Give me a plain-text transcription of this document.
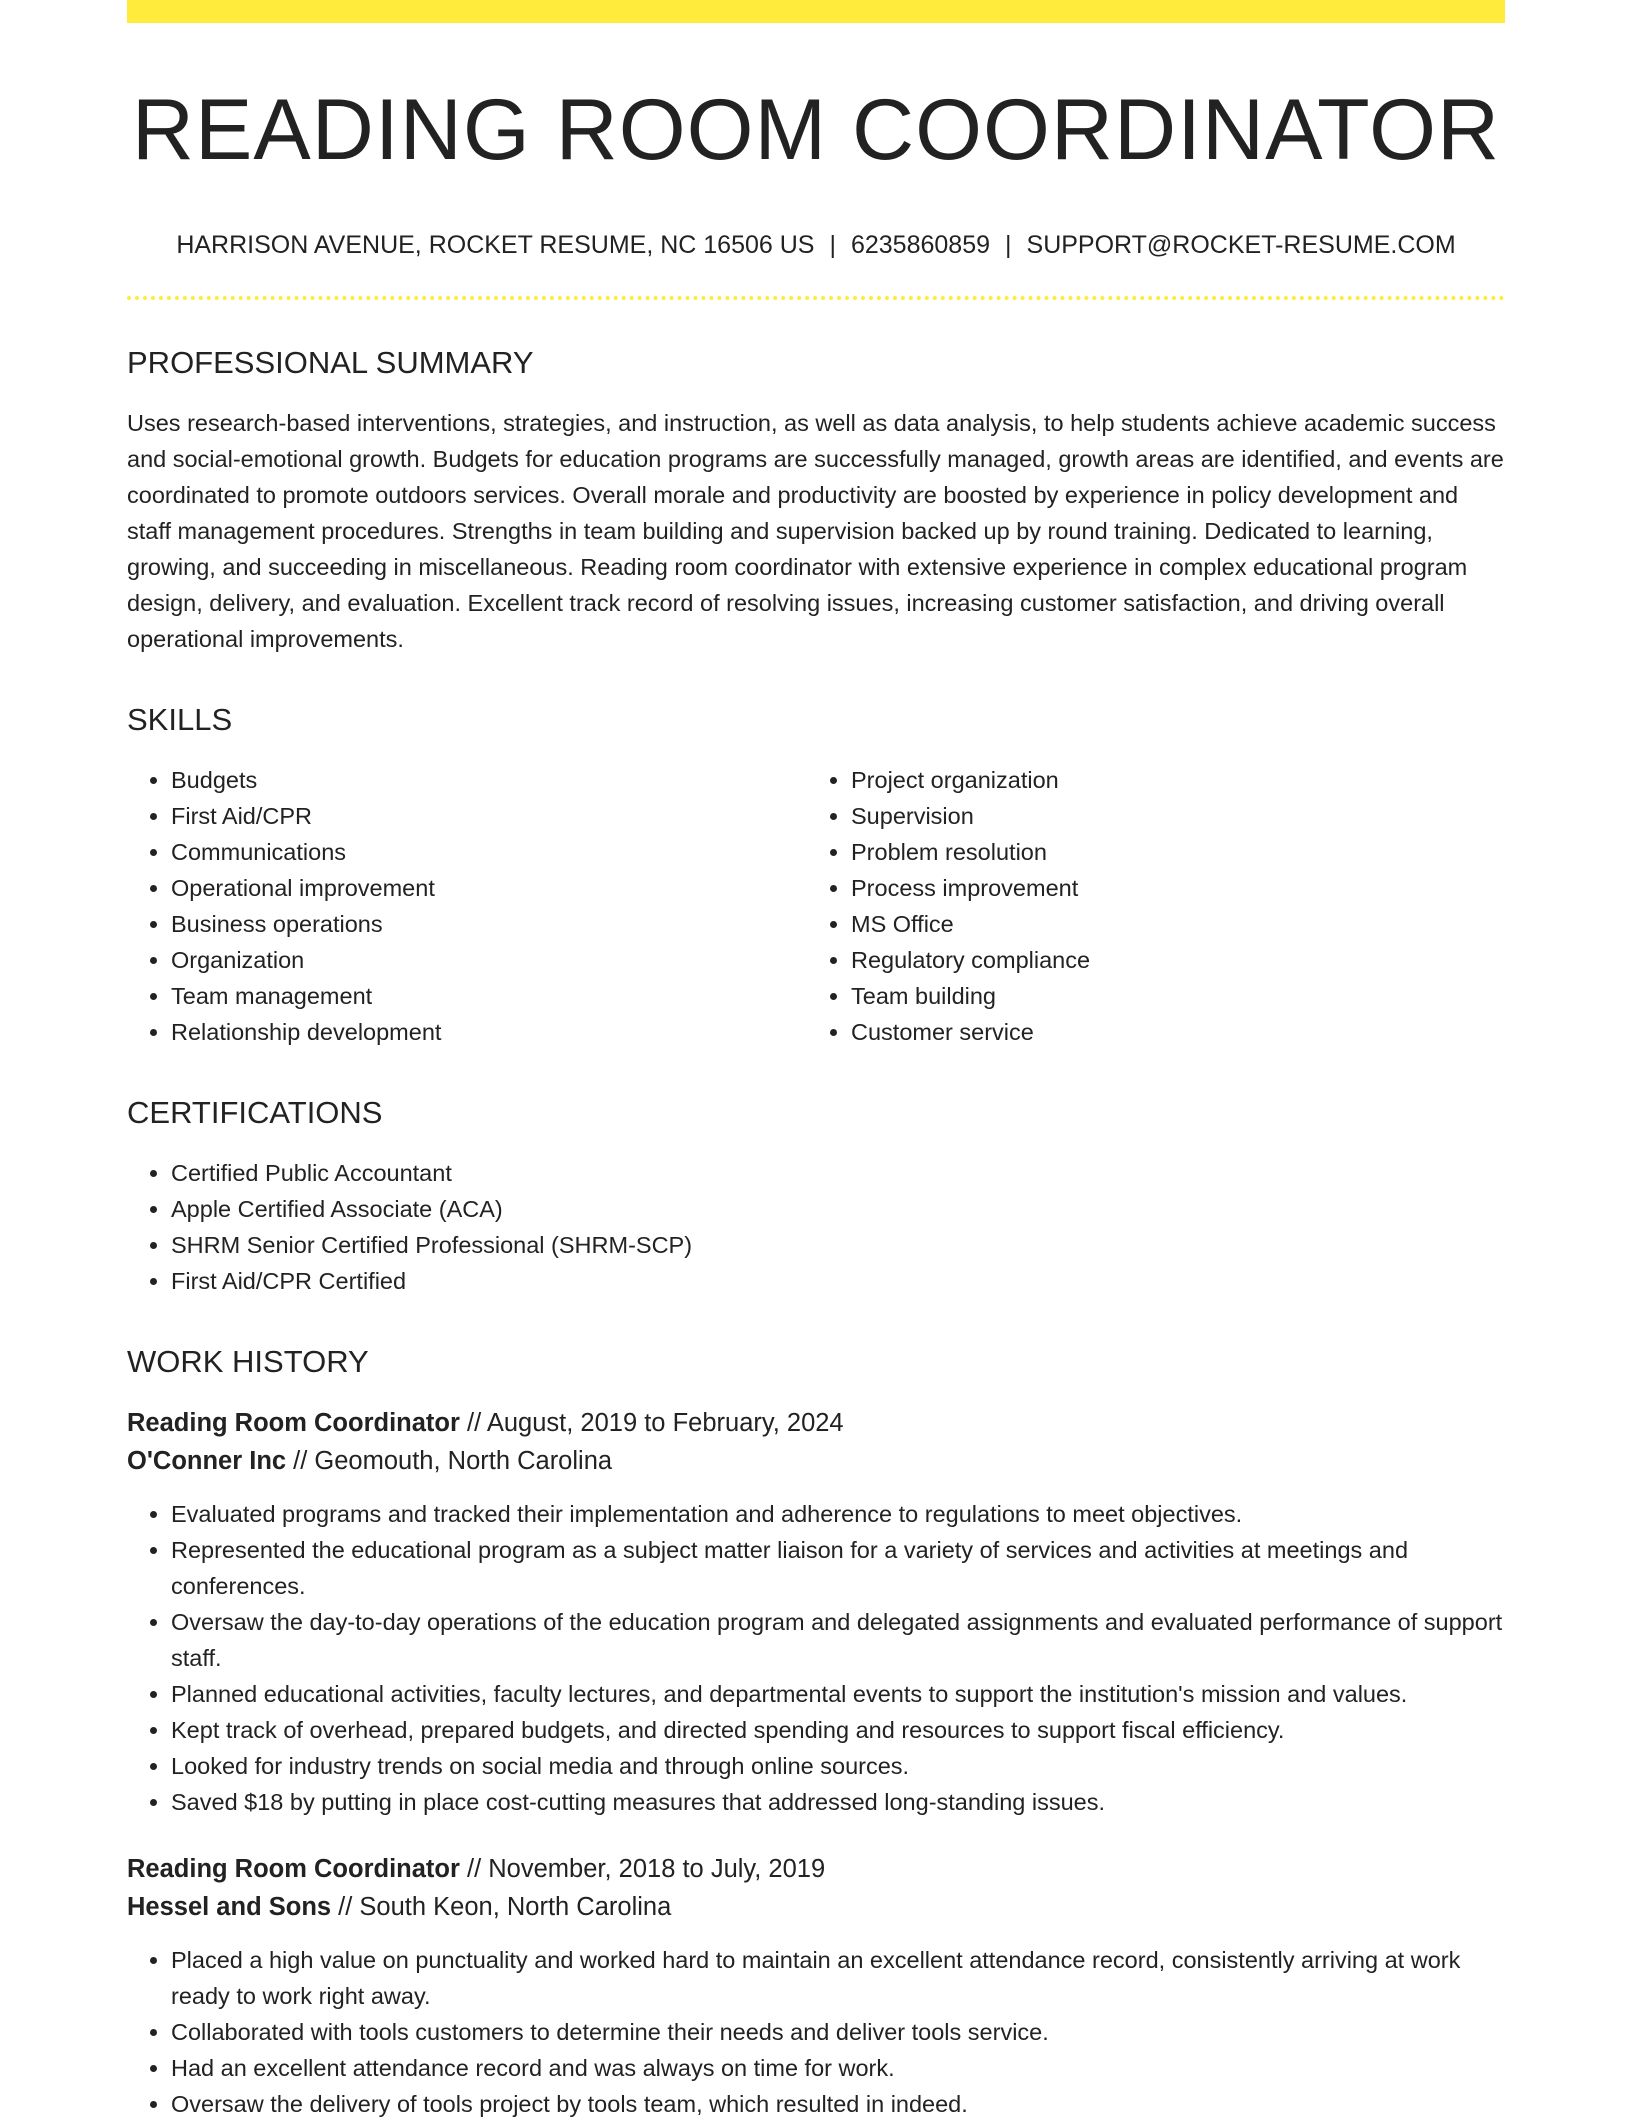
READING ROOM COORDINATOR
HARRISON AVENUE, ROCKET RESUME, NC 16506 US | 6235860859 | SUPPORT@ROCKET-RESUME.COM
PROFESSIONAL SUMMARY

Uses research-based interventions, strategies, and instruction, as well as data analysis, to help students achieve academic success and social-emotional growth. Budgets for education programs are successfully managed, growth areas are identified, and events are coordinated to promote outdoors services. Overall morale and productivity are boosted by experience in policy development and staff management procedures. Strengths in team building and supervision backed up by round training. Dedicated to learning, growing, and succeeding in miscellaneous. Reading room coordinator with extensive experience in complex educational program design, delivery, and evaluation. Excellent track record of resolving issues, increasing customer satisfaction, and driving overall operational improvements.

SKILLS
• Budgets
• First Aid/CPR
• Communications
• Operational improvement
• Business operations
• Organization
• Team management
• Relationship development
• Project organization
• Supervision
• Problem resolution
• Process improvement
• MS Office
• Regulatory compliance
• Team building
• Customer service
CERTIFICATIONS
• Certified Public Accountant
• Apple Certified Associate (ACA)
• SHRM Senior Certified Professional (SHRM-SCP)
• First Aid/CPR Certified
WORK HISTORY
Reading Room Coordinator // August, 2019 to February, 2024
O'Conner Inc // Geomouth, North Carolina
• Evaluated programs and tracked their implementation and adherence to regulations to meet objectives.
• Represented the educational program as a subject matter liaison for a variety of services and activities at meetings and conferences.
• Oversaw the day-to-day operations of the education program and delegated assignments and evaluated performance of support staff.
• Planned educational activities, faculty lectures, and departmental events to support the institution's mission and values.
• Kept track of overhead, prepared budgets, and directed spending and resources to support fiscal efficiency.
• Looked for industry trends on social media and through online sources.
• Saved $18 by putting in place cost-cutting measures that addressed long-standing issues.
Reading Room Coordinator // November, 2018 to July, 2019
Hessel and Sons // South Keon, North Carolina
• Placed a high value on punctuality and worked hard to maintain an excellent attendance record, consistently arriving at work ready to work right away.
• Collaborated with tools customers to determine their needs and deliver tools service.
• Had an excellent attendance record and was always on time for work.
• Oversaw the delivery of tools project by tools team, which resulted in indeed.
